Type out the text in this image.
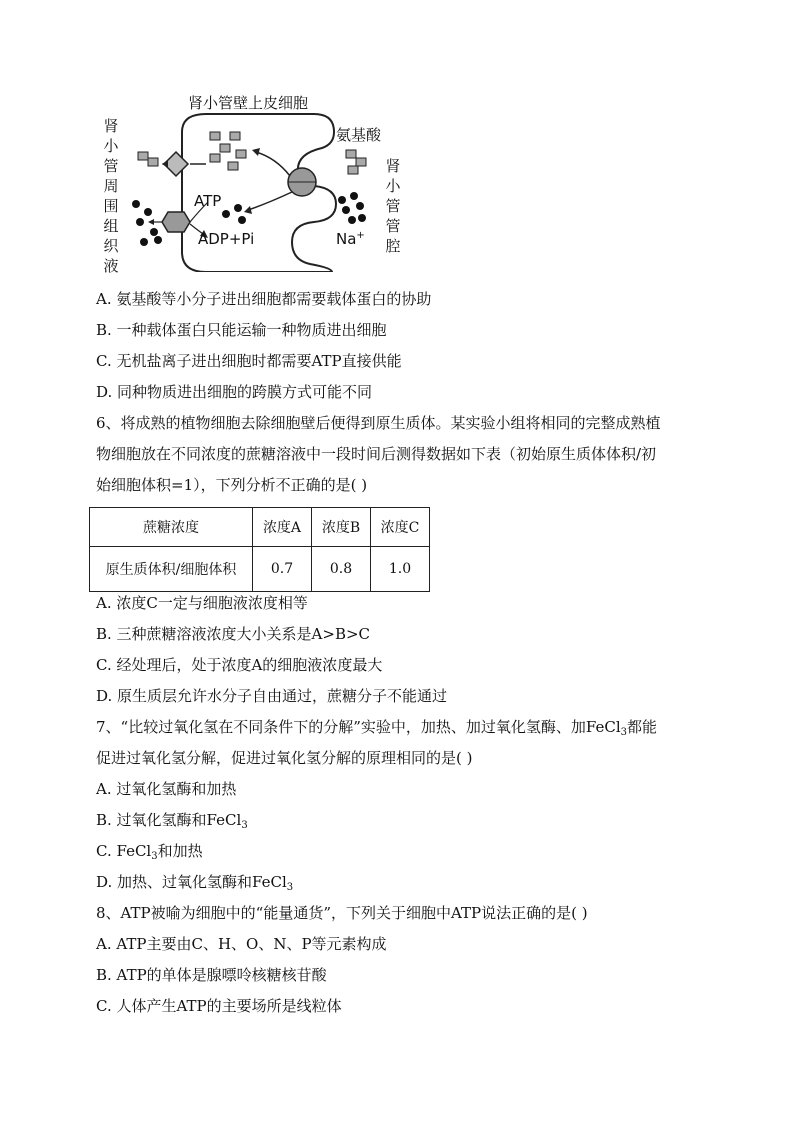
肾小管壁上皮细胞
氨基酸
肾小管周围组织液
肾小管管腔
ATP
ADP+Pi	Na+
A. 氨基酸等小分子进出细胞都需要载体蛋白的协助
B. 一种载体蛋白只能运输一种物质进出细胞
C. 无机盐离子进出细胞时都需要ATP直接供能
D. 同种物质进出细胞的跨膜方式可能不同
6、将成熟的植物细胞去除细胞壁后便得到原生质体。某实验小组将相同的完整成熟植
物细胞放在不同浓度的蔗糖溶液中一段时间后测得数据如下表（初始原生质体体积/初
始细胞体积=1），下列分析不正确的是( )
蔗糖浓度	浓度A	浓度B	浓度C
原生质体积/细胞体积	0.7	0.8	1.0
A. 浓度C一定与细胞液浓度相等
B. 三种蔗糖溶液浓度大小关系是A>B>C
C. 经处理后，处于浓度A的细胞液浓度最大
D. 原生质层允许水分子自由通过，蔗糖分子不能通过
7、“比较过氧化氢在不同条件下的分解”实验中，加热、加过氧化氢酶、加FeCl$_3$都能
促进过氧化氢分解，促进过氧化氢分解的原理相同的是( )
A. 过氧化氢酶和加热
B. 过氧化氢酶和FeCl$_3$
C. FeCl$_3$和加热
D. 加热、过氧化氢酶和FeCl$_3$
8、ATP被喻为细胞中的“能量通货”，下列关于细胞中ATP说法正确的是( )
A. ATP主要由C、H、O、N、P等元素构成
B. ATP的单体是腺嘌呤核糖核苷酸
C. 人体产生ATP的主要场所是线粒体
